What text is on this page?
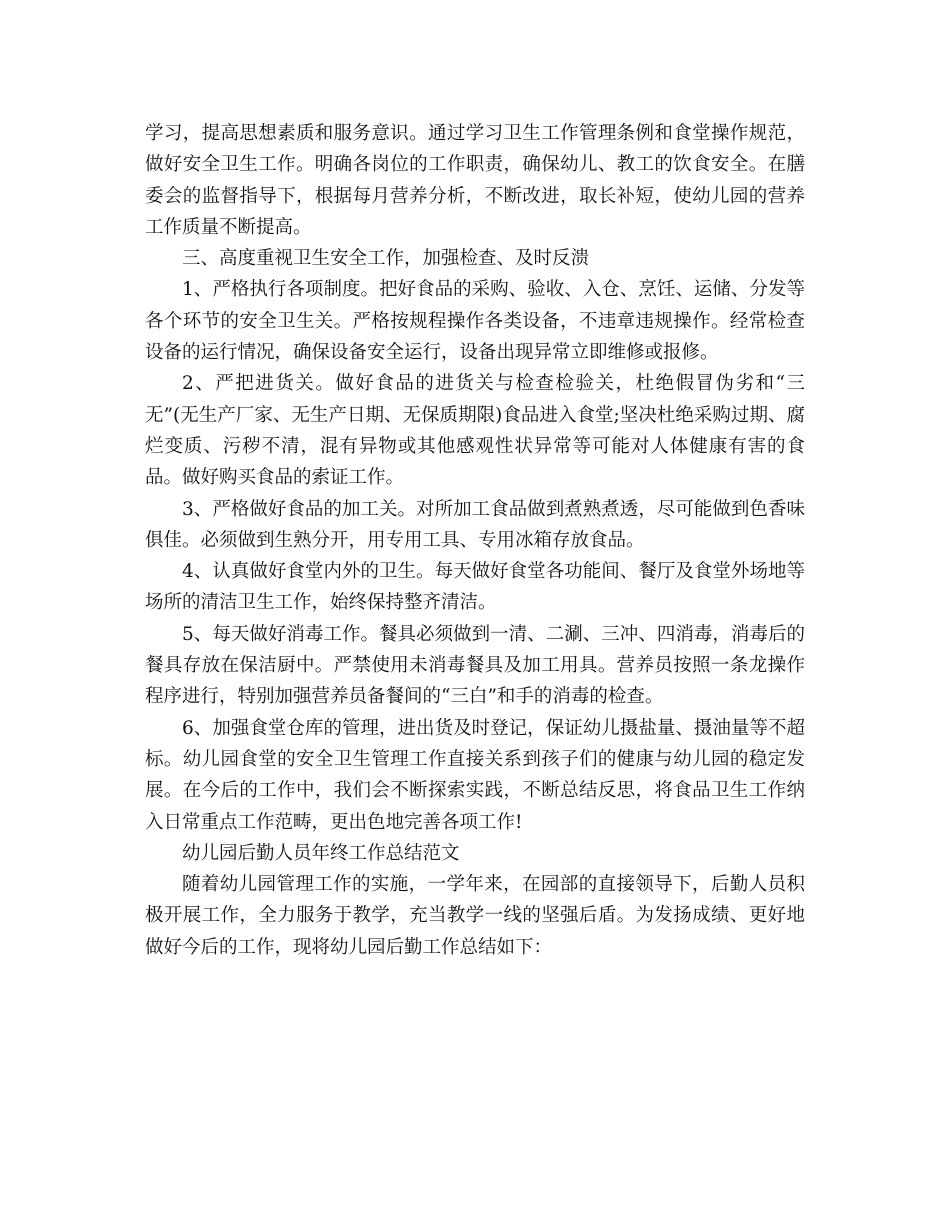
学习，提高思想素质和服务意识。通过学习卫生工作管理条例和食堂操作规范，做好安全卫生工作。明确各岗位的工作职责，确保幼儿、教工的饮食安全。在膳委会的监督指导下，根据每月营养分析，不断改进，取长补短，使幼儿园的营养工作质量不断提高。

三、高度重视卫生安全工作，加强检查、及时反溃

1、严格执行各项制度。把好食品的采购、验收、入仓、烹饪、运储、分发等各个环节的安全卫生关。严格按规程操作各类设备，不违章违规操作。经常检查设备的运行情况，确保设备安全运行，设备出现异常立即维修或报修。

2、严把进货关。做好食品的进货关与检查检验关，杜绝假冒伪劣和“三无”(无生产厂家、无生产日期、无保质期限)食品进入食堂;坚决杜绝采购过期、腐烂变质、污秽不清，混有异物或其他感观性状异常等可能对人体健康有害的食品。做好购买食品的索证工作。

3、严格做好食品的加工关。对所加工食品做到煮熟煮透，尽可能做到色香味俱佳。必须做到生熟分开，用专用工具、专用冰箱存放食品。

4、认真做好食堂内外的卫生。每天做好食堂各功能间、餐厅及食堂外场地等场所的清洁卫生工作，始终保持整齐清洁。

5、每天做好消毒工作。餐具必须做到一清、二涮、三冲、四消毒，消毒后的餐具存放在保洁厨中。严禁使用未消毒餐具及加工用具。营养员按照一条龙操作程序进行，特别加强营养员备餐间的“三白”和手的消毒的检查。

6、加强食堂仓库的管理，进出货及时登记，保证幼儿摄盐量、摄油量等不超标。幼儿园食堂的安全卫生管理工作直接关系到孩子们的健康与幼儿园的稳定发展。在今后的工作中，我们会不断探索实践，不断总结反思，将食品卫生工作纳入日常重点工作范畴，更出色地完善各项工作!

幼儿园后勤人员年终工作总结范文

随着幼儿园管理工作的实施，一学年来，在园部的直接领导下，后勤人员积极开展工作，全力服务于教学，充当教学一线的坚强后盾。为发扬成绩、更好地做好今后的工作，现将幼儿园后勤工作总结如下：
